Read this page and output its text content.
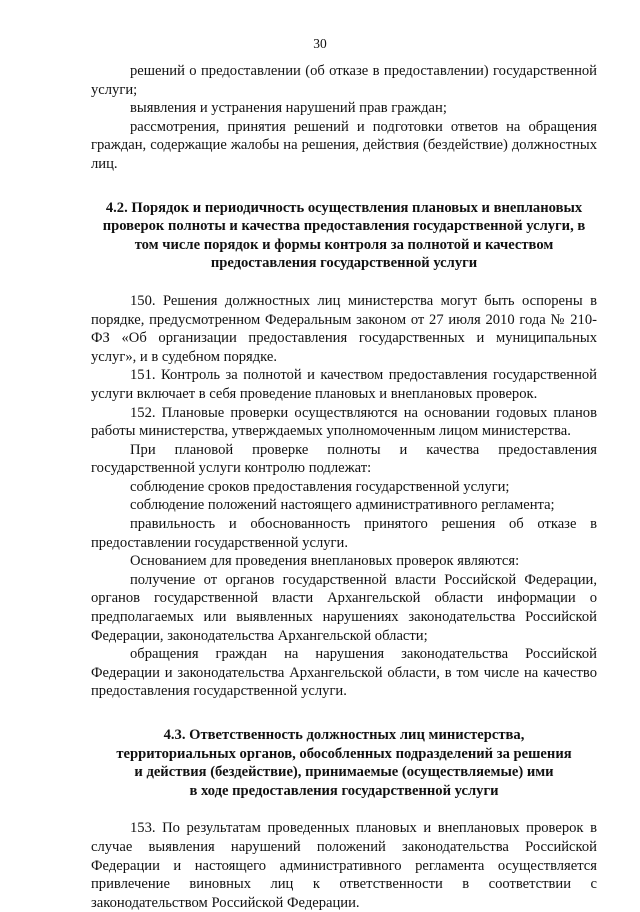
30

решений о предоставлении (об отказе в предоставлении) государственной услуги;

выявления и устранения нарушений прав граждан;

рассмотрения, принятия решений и подготовки ответов на обращения граждан, содержащие жалобы на решения, действия (бездействие) должностных лиц.

4.2. Порядок и периодичность осуществления плановых и внеплановых проверок полноты и качества предоставления государственной услуги, в том числе порядок и формы контроля за полнотой и качеством предоставления государственной услуги

150. Решения должностных лиц министерства могут быть оспорены в порядке, предусмотренном Федеральным законом от 27 июля 2010 года № 210-ФЗ «Об организации предоставления государственных и муниципальных услуг», и в судебном порядке.

151. Контроль за полнотой и качеством предоставления государственной услуги включает в себя проведение плановых и внеплановых проверок.

152. Плановые проверки осуществляются на основании годовых планов работы министерства, утверждаемых уполномоченным лицом министерства.

При плановой проверке полноты и качества предоставления государственной услуги контролю подлежат:

соблюдение сроков предоставления государственной услуги;

соблюдение положений настоящего административного регламента;

правильность и обоснованность принятого решения об отказе в предоставлении государственной услуги.

Основанием для проведения внеплановых проверок являются:

получение от органов государственной власти Российской Федерации, органов государственной власти Архангельской области информации о предполагаемых или выявленных нарушениях законодательства Российской Федерации, законодательства Архангельской области;

обращения граждан на нарушения законодательства Российской Федерации и законодательства Архангельской области, в том числе на качество предоставления государственной услуги.

4.3. Ответственность должностных лиц министерства,

территориальных органов, обособленных подразделений за решения

и действия (бездействие), принимаемые (осуществляемые) ими

в ходе предоставления государственной услуги

153. По результатам проведенных плановых и внеплановых проверок в случае выявления нарушений положений законодательства Российской Федерации и настоящего административного регламента осуществляется привлечение виновных лиц к ответственности в соответствии с законодательством Российской Федерации.
